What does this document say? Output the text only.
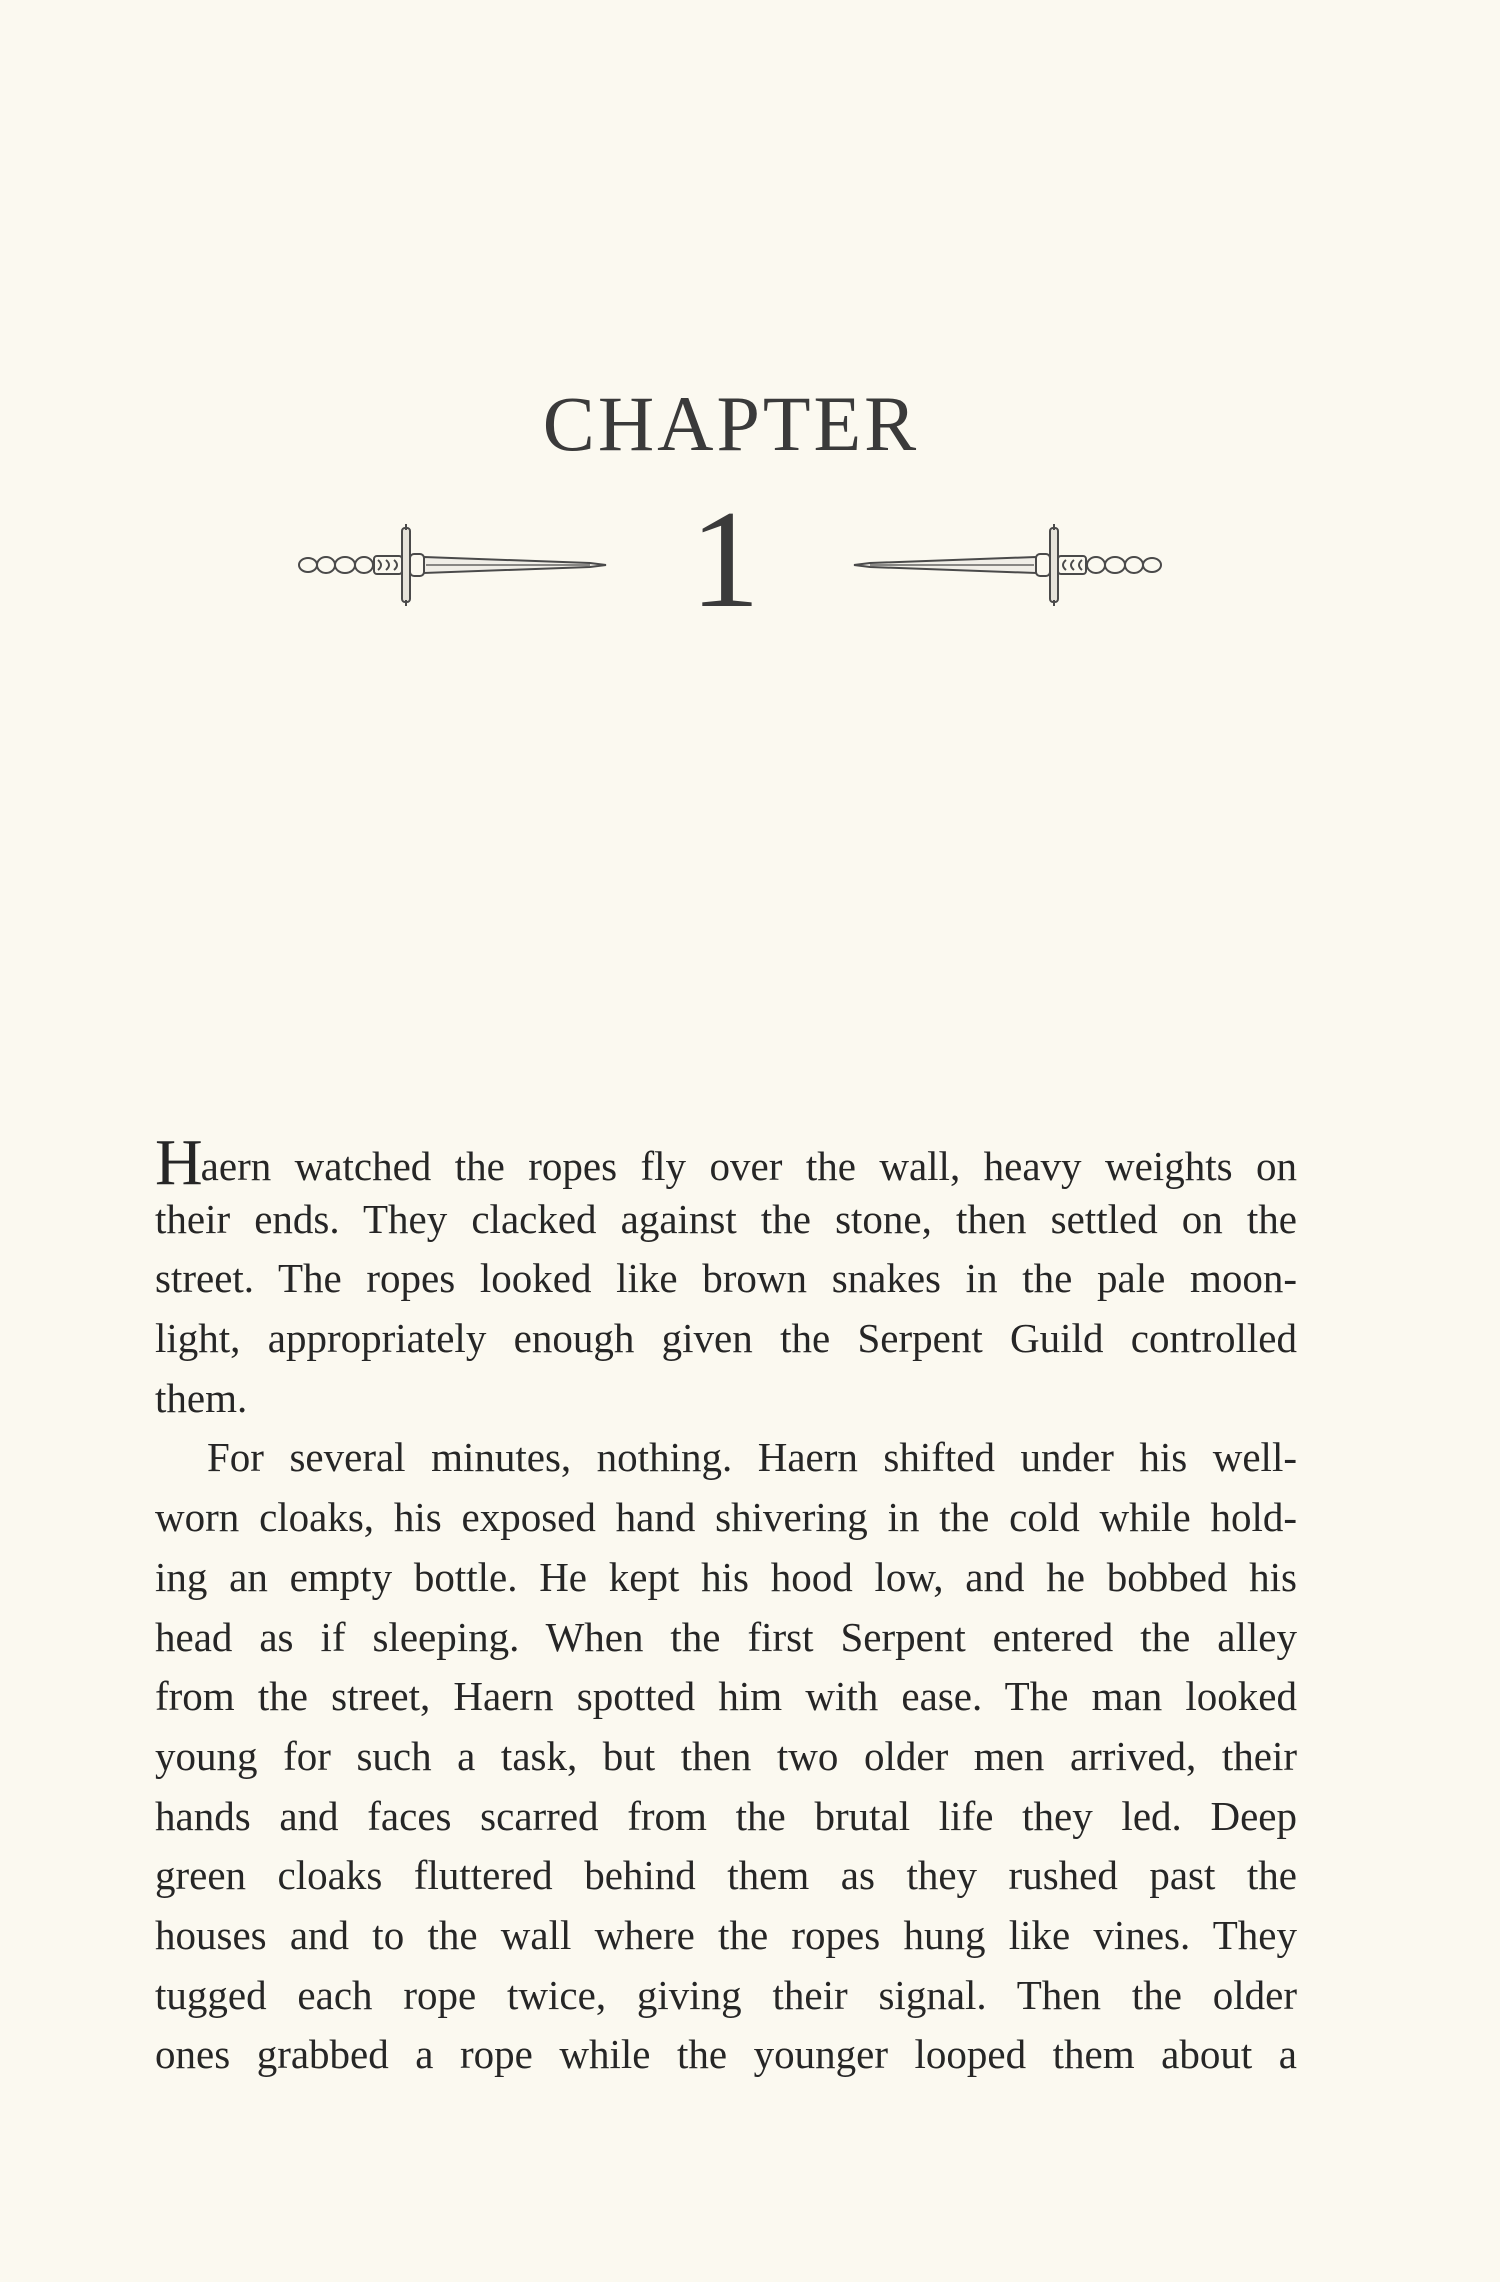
CHAPTER
1
Haern watched the ropes fly over the wall, heavy weights on
their ends. They clacked against the stone, then settled on the
street. The ropes looked like brown snakes in the pale moon-
light, appropriately enough given the Serpent Guild controlled
them.
For several minutes, nothing. Haern shifted under his well-
worn cloaks, his exposed hand shivering in the cold while hold-
ing an empty bottle. He kept his hood low, and he bobbed his
head as if sleeping. When the first Serpent entered the alley
from the street, Haern spotted him with ease. The man looked
young for such a task, but then two older men arrived, their
hands and faces scarred from the brutal life they led. Deep
green cloaks fluttered behind them as they rushed past the
houses and to the wall where the ropes hung like vines. They
tugged each rope twice, giving their signal. Then the older
ones grabbed a rope while the younger looped them about a
